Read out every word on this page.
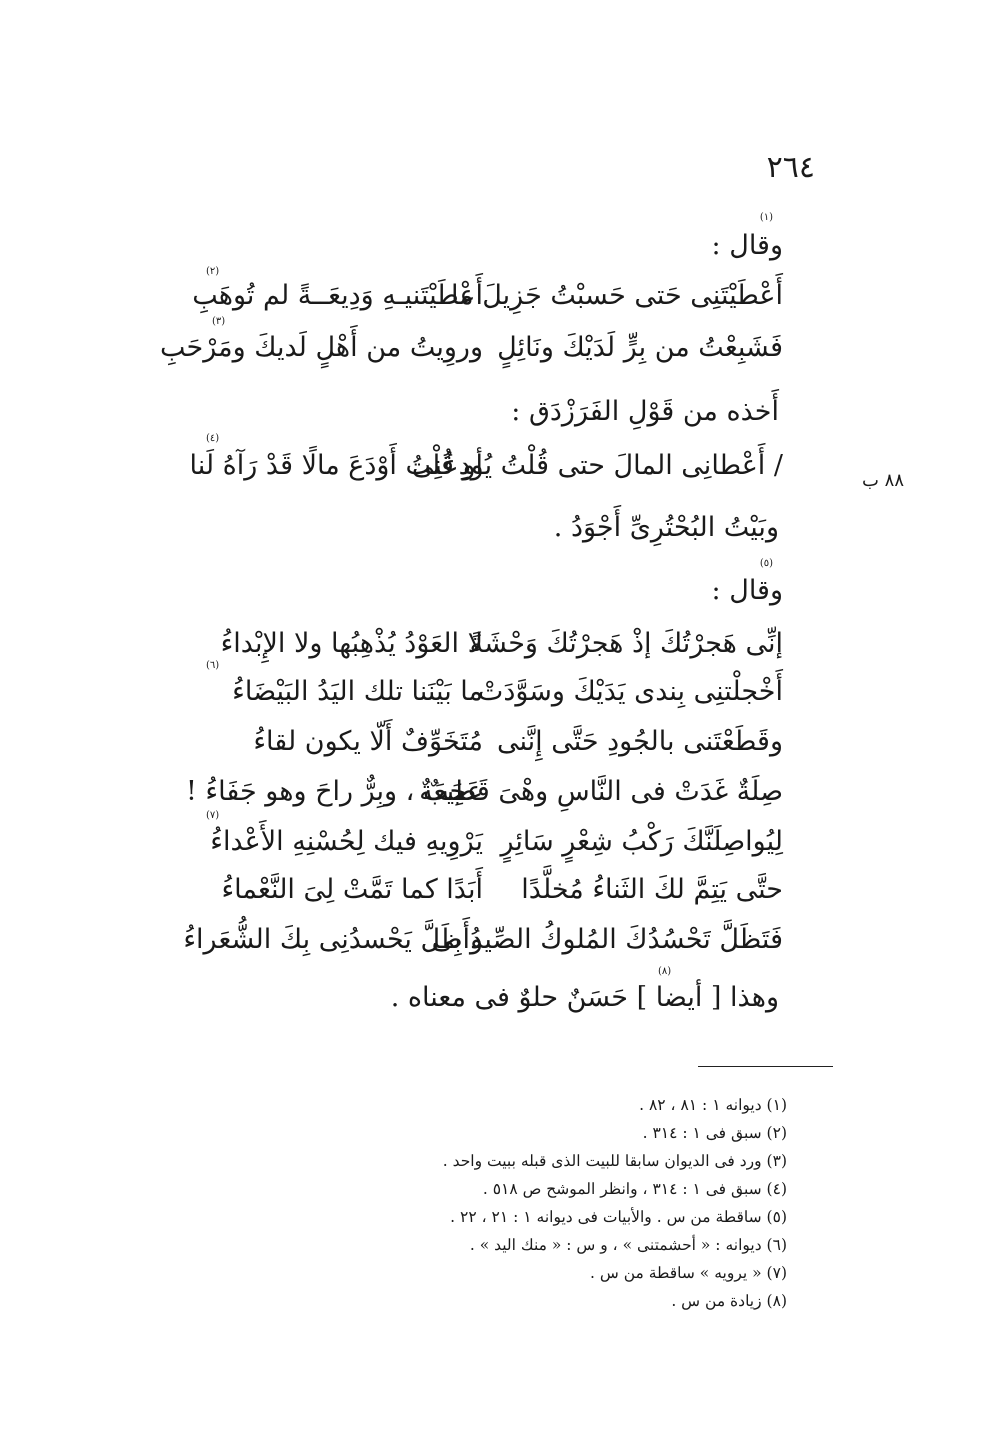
٢٦٤
(١)
وقال :
أَعْطَيْتَنِى حَتى حَسبْتُ جَزِيلَ ما
أَعْطَيْتَنيـهِ وَدِيعَــةً لم تُوهَبِ
(٢)
فَشَبِعْتُ من بِرٍّ لَدَيْكَ ونَائِلٍ
وروِيتُ من أَهْلٍ لَديكَ ومَرْحَبِ
(٣)
أَخذه من قَوْلِ الفَرَزْدَق :
٨٨ ب
/ أَعْطانِى المالَ حتى قُلْتُ يُودِعُنِى
أو قُلْتُ أَوْدَعَ مالًا قَدْ رَآهُ لَنا
(٤)
وبَيْتُ البُحْتُرِىِّ أَجْوَدُ .
(٥)
وقال :
إنِّى هَجرْتُكَ إذْ هَجرْتُكَ وَحْشَةً
لا العَوْدُ يُذْهِبُها ولا الإِبْداءُ
أَخْجلْتنِى بِندى يَدَيْكَ وسَوَّدَتْ
ما بَيْنَنا تلك اليَدُ البَيْضَاءُ
(٦)
وقَطَعْتَنى بالجُودِ حَتَّى إِنَّنى
مُتَخَوِّفٌ أَلّا يكون لقاءُ
صِلَةٌ غَدَتْ فى النَّاسِ وهْىَ قَطِيعَةٌ
عَجَبٌ ، وبِرٌّ راحَ وهو جَفَاءُ !
لِيُواصِلَنَّكَ رَكْبُ شِعْرٍ سَائِرٍ
يَرْوِيهِ فيك لِحُسْنِهِ الأَعْداءُ
(٧)
حتَّى يَتِمَّ لكَ الثَناءُ مُخلَّدًا
أَبَدًا كما تَمَّتْ لِىَ النَّعْماءُ
فَتَظَلَّ تَحْسُدُكَ المُلوكُ الصِّيدُ بِى
وأَظَلَّ يَحْسدُنِى بِكَ الشُّعَراءُ
(٨)
وهذا [ أيضا ] حَسَنٌ حلوٌ فى معناه .
(١) ديوانه ١ : ٨١ ، ٨٢ .
(٢) سبق فى ١ : ٣١٤ .
(٣) ورد فى الديوان سابقا للبيت الذى قبله ببيت واحد .
(٤) سبق فى ١ : ٣١٤ ، وانظر الموشح ص ٥١٨ .
(٥) ساقطة من س . والأبيات فى ديوانه ١ : ٢١ ، ٢٢ .
(٦) ديوانه : « أحشمتنى » ، و س : « منك اليد » .
(٧) « يرويه » ساقطة من س .
(٨) زيادة من س .
